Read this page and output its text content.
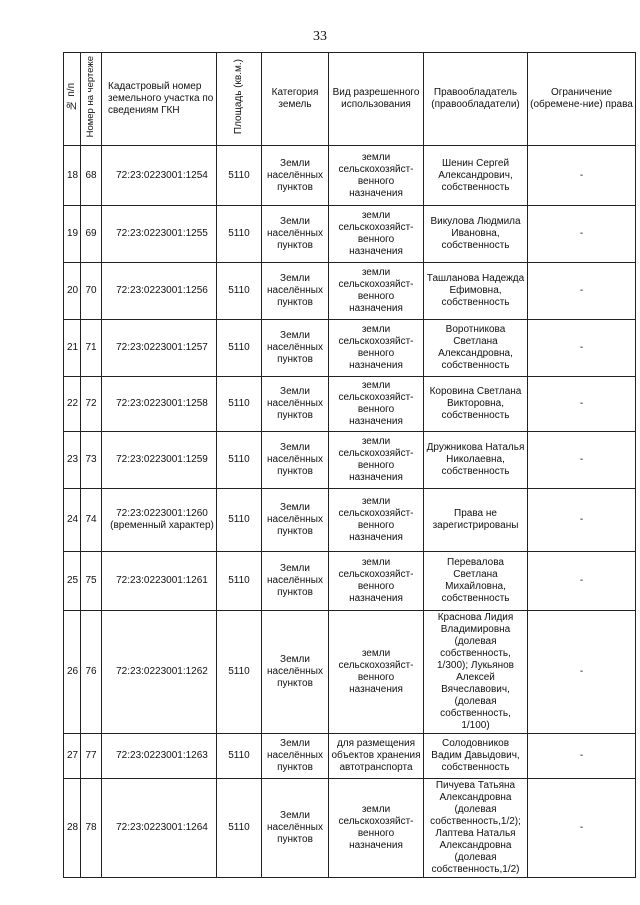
33
№ п/п	Номер на чертеже	Кадастровый номер земельного участка по сведениям ГКН	Площадь (кв.м.)	Категория земель	Вид разрешенного использования	Правообладатель (правообладатели)	Ограничение (обремене-ние) права
18	68	72:23:0223001:1254	5110	Земли населённых пунктов	земли сельскохозяйст-венного назначения	Шенин Сергей Александрович, собственность	-
19	69	72:23:0223001:1255	5110	Земли населённых пунктов	земли сельскохозяйст-венного назначения	Викулова Людмила Ивановна, собственность	-
20	70	72:23:0223001:1256	5110	Земли населённых пунктов	земли сельскохозяйст-венного назначения	Ташланова Надежда Ефимовна, собственность	-
21	71	72:23:0223001:1257	5110	Земли населённых пунктов	земли сельскохозяйст-венного назначения	Воротникова Светлана Александровна, собственность	-
22	72	72:23:0223001:1258	5110	Земли населённых пунктов	земли сельскохозяйст-венного назначения	Коровина Светлана Викторовна, собственность	-
23	73	72:23:0223001:1259	5110	Земли населённых пунктов	земли сельскохозяйст-венного назначения	Дружникова Наталья Николаевна, собственность	-
24	74	72:23:0223001:1260 (временный характер)	5110	Земли населённых пунктов	земли сельскохозяйст-венного назначения	Права не зарегистрированы	-
25	75	72:23:0223001:1261	5110	Земли населённых пунктов	земли сельскохозяйст-венного назначения	Перевалова Светлана Михайловна, собственность	-
26	76	72:23:0223001:1262	5110	Земли населённых пунктов	земли сельскохозяйст-венного назначения	Краснова Лидия Владимировна (долевая собственность, 1/300); Лукьянов Алексей Вячеславович, (долевая собственность, 1/100)	-
27	77	72:23:0223001:1263	5110	Земли населённых пунктов	для размещения объектов хранения автотранспорта	Солодовников Вадим Давыдович, собственность	-
28	78	72:23:0223001:1264	5110	Земли населённых пунктов	земли сельскохозяйст-венного назначения	Пичуева Татьяна Александровна (долевая собственность,1/2); Лаптева Наталья Александровна (долевая собственность,1/2)	-
